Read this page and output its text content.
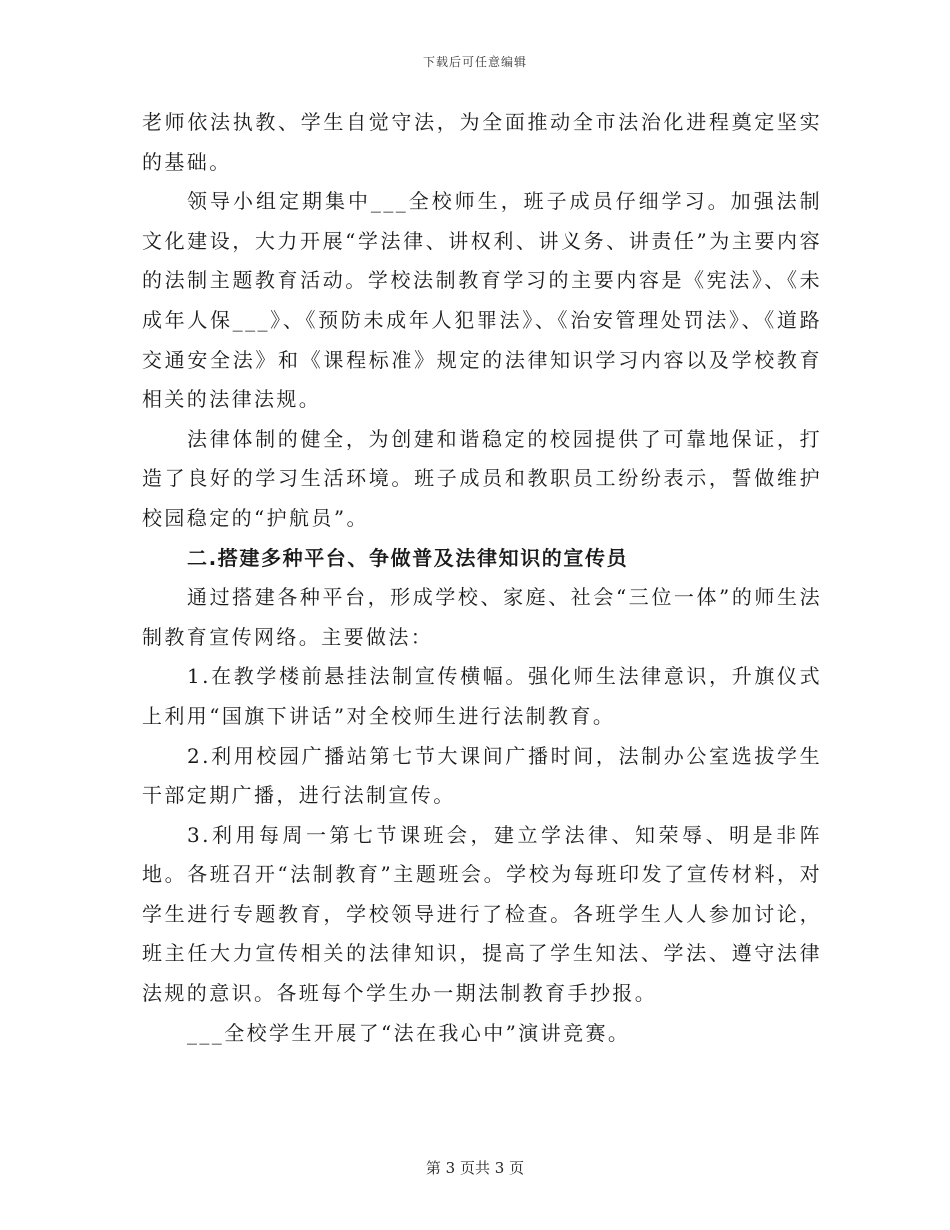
下载后可任意编辑

老师依法执教、学生自觉守法，为全面推动全市法治化进程奠定坚实的基础。

领导小组定期集中___全校师生，班子成员仔细学习。加强法制文化建设，大力开展“学法律、讲权利、讲义务、讲责任”为主要内容的法制主题教育活动。学校法制教育学习的主要内容是《宪法》、《未成年人保___》、《预防未成年人犯罪法》、《治安管理处罚法》、《道路交通安全法》和《课程标准》规定的法律知识学习内容以及学校教育相关的法律法规。

法律体制的健全，为创建和谐稳定的校园提供了可靠地保证，打造了良好的学习生活环境。班子成员和教职员工纷纷表示，誓做维护校园稳定的“护航员”。

二.搭建多种平台、争做普及法律知识的宣传员

通过搭建各种平台，形成学校、家庭、社会“三位一体”的师生法制教育宣传网络。主要做法：

1.在教学楼前悬挂法制宣传横幅。强化师生法律意识，升旗仪式上利用“国旗下讲话”对全校师生进行法制教育。

2.利用校园广播站第七节大课间广播时间，法制办公室选拔学生干部定期广播，进行法制宣传。

3.利用每周一第七节课班会，建立学法律、知荣辱、明是非阵地。各班召开“法制教育”主题班会。学校为每班印发了宣传材料，对学生进行专题教育，学校领导进行了检查。各班学生人人参加讨论，班主任大力宣传相关的法律知识，提高了学生知法、学法、遵守法律法规的意识。各班每个学生办一期法制教育手抄报。

___全校学生开展了“法在我心中”演讲竞赛。

第 3 页共 3 页
